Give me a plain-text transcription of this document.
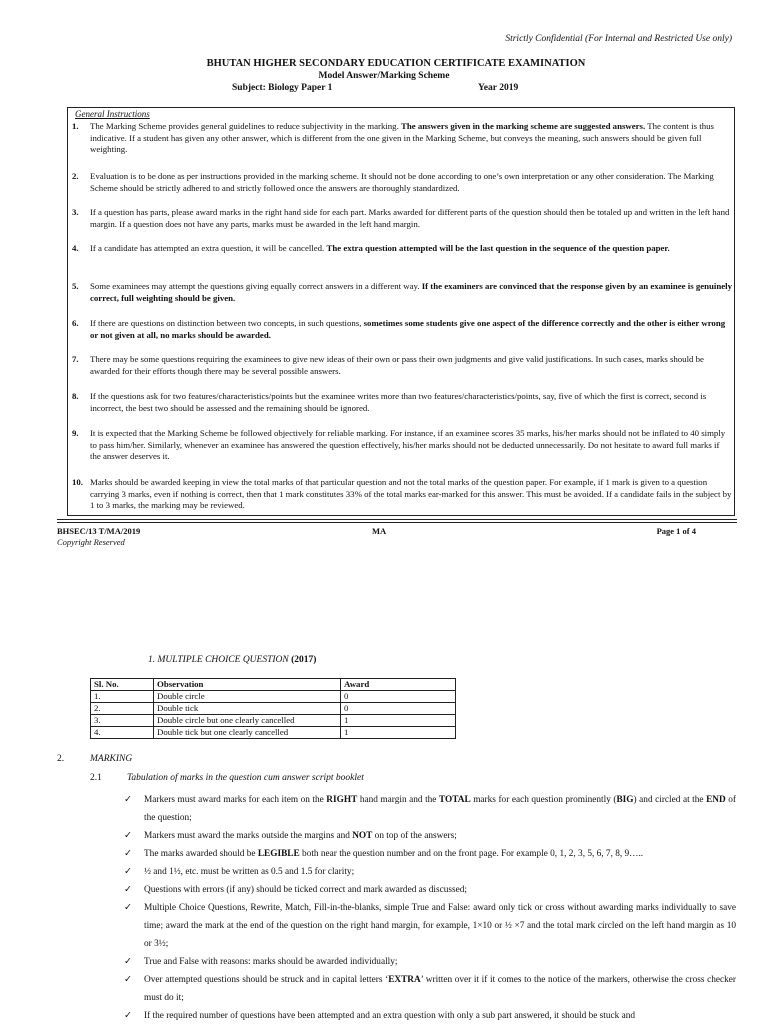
Strictly Confidential (For Internal and Restricted Use only)
BHUTAN HIGHER SECONDARY EDUCATION CERTIFICATE EXAMINATION
Model Answer/Marking Scheme
Subject: Biology Paper 1	Year 2019
General Instructions
1.	The Marking Scheme provides general guidelines to reduce subjectivity in the marking. The answers given in the marking scheme are suggested answers. The content is thus indicative. If a student has given any other answer, which is different from the one given in the Marking Scheme, but conveys the meaning, such answers should be given full weighting.
2.	Evaluation is to be done as per instructions provided in the marking scheme. It should not be done according to one’s own interpretation or any other consideration. The Marking Scheme should be strictly adhered to and strictly followed once the answers are thoroughly standardized.
3.	If a question has parts, please award marks in the right hand side for each part. Marks awarded for different parts of the question should then be totaled up and written in the left hand margin. If a question does not have any parts, marks must be awarded in the left hand margin.
4.	If a candidate has attempted an extra question, it will be cancelled. The extra question attempted will be the last question in the sequence of the question paper.
5.	Some examinees may attempt the questions giving equally correct answers in a different way. If the examiners are convinced that the response given by an examinee is genuinely correct, full weighting should be given.
6.	If there are questions on distinction between two concepts, in such questions, sometimes some students give one aspect of the difference correctly and the other is either wrong or not given at all, no marks should be awarded.
7.	There may be some questions requiring the examinees to give new ideas of their own or pass their own judgments and give valid justifications. In such cases, marks should be awarded for their efforts though there may be several possible answers.
8.	If the questions ask for two features/characteristics/points but the examinee writes more than two features/characteristics/points, say, five of which the first is correct, second is incorrect, the best two should be assessed and the remaining should be ignored.
9.	It is expected that the Marking Scheme be followed objectively for reliable marking. For instance, if an examinee scores 35 marks, his/her marks should not be inflated to 40 simply to pass him/her. Similarly, whenever an examinee has answered the question effectively, his/her marks should not be deducted unnecessarily. Do not hesitate to award full marks if the answer deserves it.
10. Marks should be awarded keeping in view the total marks of that particular question and not the total marks of the question paper. For example, if 1 mark is given to a question carrying 3 marks, even if nothing is correct, then that 1 mark constitutes 33% of the total marks ear-marked for this answer. This must be avoided. If a candidate fails in the subject by 1 to 3 marks, the marking may be reviewed.
BHSEC/13 T/MA/2019
Copyright Reserved
MA	Page 1 of 4
1. MULTIPLE CHOICE QUESTION (2017)
Sl. No.	Observation	Award
1.	Double circle	0
2.	Double tick	0
3.	Double circle but one clearly cancelled	1
4.	Double tick but one clearly cancelled	1
2.	MARKING
2.1	Tabulation of marks in the question cum answer script booklet
✓	Markers must award marks for each item on the RIGHT hand margin and the TOTAL marks for each question prominently (BIG) and circled at the END of the question;
✓	Markers must award the marks outside the margins and NOT on top of the answers;
✓	The marks awarded should be LEGIBLE both near the question number and on the front page. For example 0, 1, 2, 3, 5, 6, 7, 8, 9…..
✓	½ and 1½, etc. must be written as 0.5 and 1.5 for clarity;
✓	Questions with errors (if any) should be ticked correct and mark awarded as discussed;
✓	Multiple Choice Questions, Rewrite, Match, Fill-in-the-blanks, simple True and False: award only tick or cross without awarding marks individually to save time; award the mark at the end of the question on the right hand margin, for example, 1×10 or ½ ×7 and the total mark circled on the left hand margin as 10 or 3½;
✓	True and False with reasons: marks should be awarded individually;
✓	Over attempted questions should be struck and in capital letters ‘EXTRA’ written over it if it comes to the notice of the markers, otherwise the cross checker must do it;
✓	If the required number of questions have been attempted and an extra question with only a sub part answered, it should be stuck and
